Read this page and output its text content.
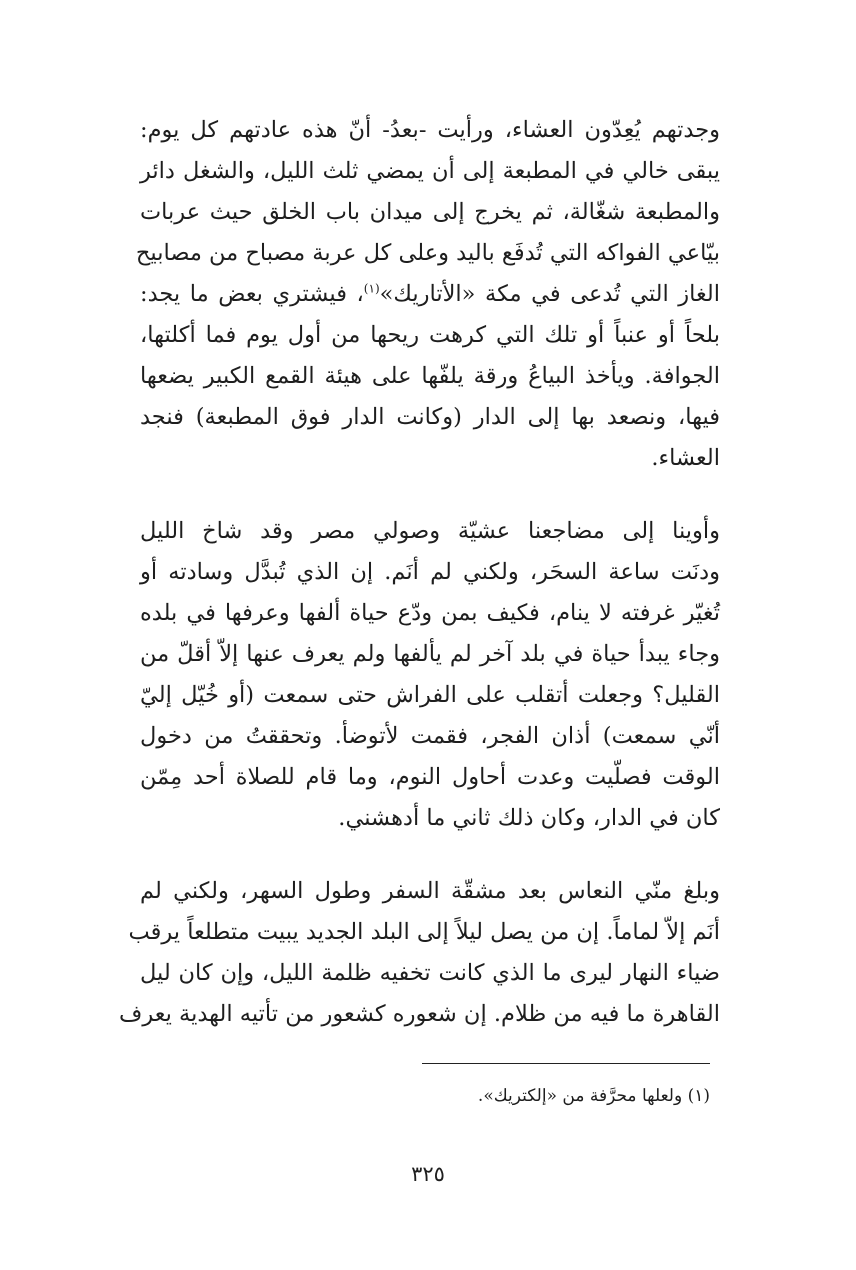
وجدتهم يُعِدّون العشاء، ورأيت -بعدُ- أنّ هذه عادتهم كل يوم:
يبقى خالي في المطبعة إلى أن يمضي ثلث الليل، والشغل دائر
والمطبعة شغّالة، ثم يخرج إلى ميدان باب الخلق حيث عربات
بيّاعي الفواكه التي تُدفَع باليد وعلى كل عربة مصباح من مصابيح
الغاز التي تُدعى في مكة «الأتاريك»$^{(١)}$، فيشتري بعض ما يجد:
بلحاً أو عنباً أو تلك التي كرهت ريحها من أول يوم فما أكلتها،
الجوافة. ويأخذ البياعُ ورقة يلفّها على هيئة القمع الكبير يضعها
فيها، ونصعد بها إلى الدار (وكانت الدار فوق المطبعة) فنجد
العشاء.
وأوينا إلى مضاجعنا عشيّة وصولي مصر وقد شاخ الليل
ودنَت ساعة السحَر، ولكني لم أنَم. إن الذي تُبدَّل وسادته أو
تُغيّر غرفته لا ينام، فكيف بمن ودّع حياة ألفها وعرفها في بلده
وجاء يبدأ حياة في بلد آخر لم يألفها ولم يعرف عنها إلاّ أقلّ من
القليل؟ وجعلت أتقلب على الفراش حتى سمعت (أو خُيّل إليّ
أنّي سمعت) أذان الفجر، فقمت لأتوضأ. وتحققتُ من دخول
الوقت فصلّيت وعدت أحاول النوم، وما قام للصلاة أحد مِمّن
كان في الدار، وكان ذلك ثاني ما أدهشني.
وبلغ منّي النعاس بعد مشقّة السفر وطول السهر، ولكني لم
أنَم إلاّ لماماً. إن من يصل ليلاً إلى البلد الجديد يبيت متطلعاً يرقب
ضياء النهار ليرى ما الذي كانت تخفيه ظلمة الليل، وإن كان ليل
القاهرة ما فيه من ظلام. إن شعوره كشعور من تأتيه الهدية يعرف
(١) ولعلها محرَّفة من «إلكتريك».
٣٢٥
